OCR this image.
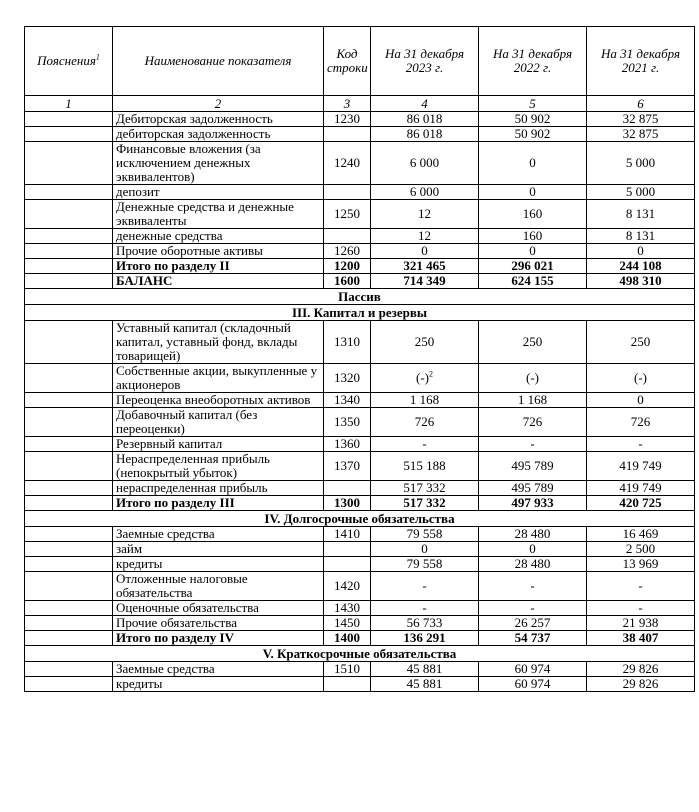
Пояснения$^1$	Наименование показателя	Код строки	На 31 декабря 2023 г.	На 31 декабря 2022 г.	На 31 декабря 2021 г.
1	2	3	4	5	6
	Дебиторская задолженность	1230	86 018	50 902	32 875
	дебиторская задолженность		86 018	50 902	32 875
	Финансовые вложения (за исключением денежных эквивалентов)	1240	6 000	0	5 000
	депозит		6 000	0	5 000
	Денежные средства и денежные эквиваленты	1250	12	160	8 131
	денежные средства		12	160	8 131
	Прочие оборотные активы	1260	0	0	0
	Итого по разделу II	1200	321 465	296 021	244 108
	БАЛАНС	1600	714 349	624 155	498 310
Пассив					
III. Капитал и резервы					
	Уставный капитал (складочный капитал, уставный фонд, вклады товарищей)	1310	250	250	250
	Собственные акции, выкупленные у акционеров	1320	$(-)^2$	(-)	(-)
	Переоценка внеоборотных активов	1340	1 168	1 168	0
	Добавочный капитал (без переоценки)	1350	726	726	726
	Резервный капитал	1360	-	-	-
	Нераспределенная прибыль (непокрытый убыток)	1370	515 188	495 789	419 749
	нераспределенная прибыль		517 332	495 789	419 749
	Итого по разделу III	1300	517 332	497 933	420 725
IV. Долгосрочные обязательства					
	Заемные средства	1410	79 558	28 480	16 469
	займ		0	0	2 500
	кредиты		79 558	28 480	13 969
	Отложенные налоговые обязательства	1420	-	-	-
	Оценочные обязательства	1430	-	-	-
	Прочие обязательства	1450	56 733	26 257	21 938
	Итого по разделу IV	1400	136 291	54 737	38 407
V. Краткосрочные обязательства					
	Заемные средства	1510	45 881	60 974	29 826
	кредиты		45 881	60 974	29 826
